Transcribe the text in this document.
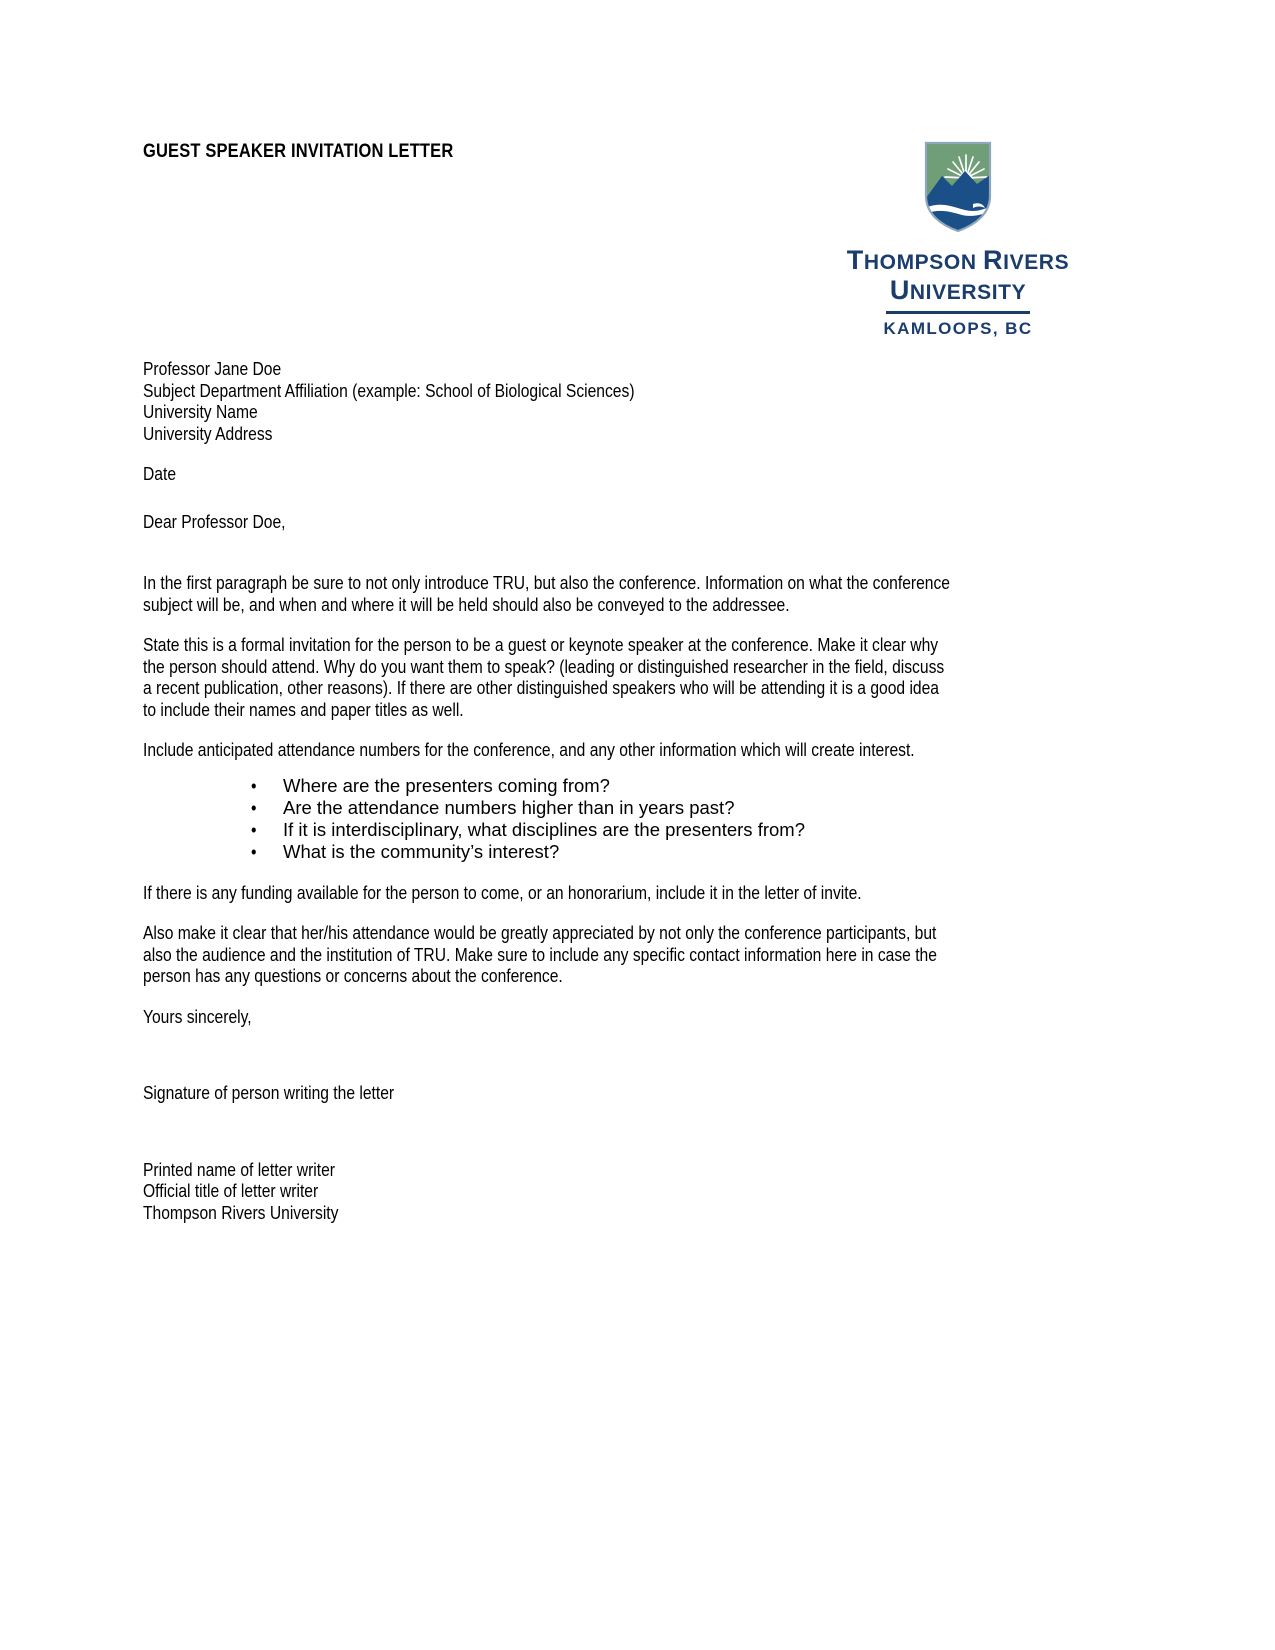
GUEST SPEAKER INVITATION LETTER
THOMPSON RIVERS
UNIVERSITY
KAMLOOPS, BC
Professor Jane Doe
Subject Department Affiliation (example: School of Biological Sciences)
University Name
University Address
Date
Dear Professor Doe,
In the first paragraph be sure to not only introduce TRU, but also the conference. Information on what the conference
subject will be, and when and where it will be held should also be conveyed to the addressee.
State this is a formal invitation for the person to be a guest or keynote speaker at the conference. Make it clear why
the person should attend. Why do you want them to speak? (leading or distinguished researcher in the field, discuss
a recent publication, other reasons). If there are other distinguished speakers who will be attending it is a good idea
to include their names and paper titles as well.
Include anticipated attendance numbers for the conference, and any other information which will create interest.
• Where are the presenters coming from?
• Are the attendance numbers higher than in years past?
• If it is interdisciplinary, what disciplines are the presenters from?
• What is the community’s interest?
If there is any funding available for the person to come, or an honorarium, include it in the letter of invite.
Also make it clear that her/his attendance would be greatly appreciated by not only the conference participants, but
also the audience and the institution of TRU. Make sure to include any specific contact information here in case the
person has any questions or concerns about the conference.
Yours sincerely,
Signature of person writing the letter
Printed name of letter writer
Official title of letter writer
Thompson Rivers University
